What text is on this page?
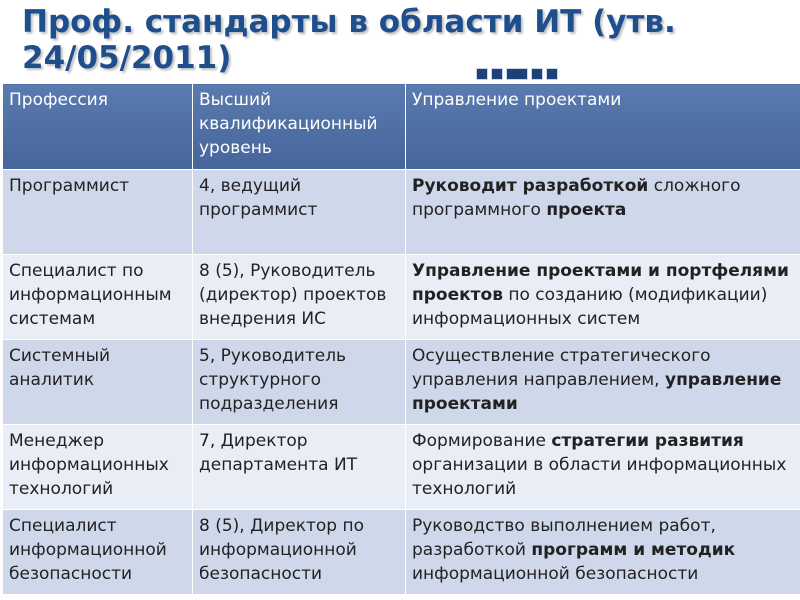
Проф. стандарты в области ИТ (утв. 24/05/2011)
Профессия	Высший квалификационный уровень	Управление проектами
Программист	4, ведущий программист	Руководит разработкой сложного программного проекта
Специалист по информационным системам	8 (5), Руководитель (директор) проектов внедрения ИС	Управление проектами и портфелями проектов по созданию (модификации) информационных систем
Системный аналитик	5, Руководитель структурного подразделения	Осуществление стратегического управления направлением, управление проектами
Менеджер информационных технологий	7, Директор департамента ИТ	Формирование стратегии развития организации в области информационных технологий
Специалист информационной безопасности	8 (5), Директор по информационной безопасности	Руководство выполнением работ, разработкой программ и методик информационной безопасности
